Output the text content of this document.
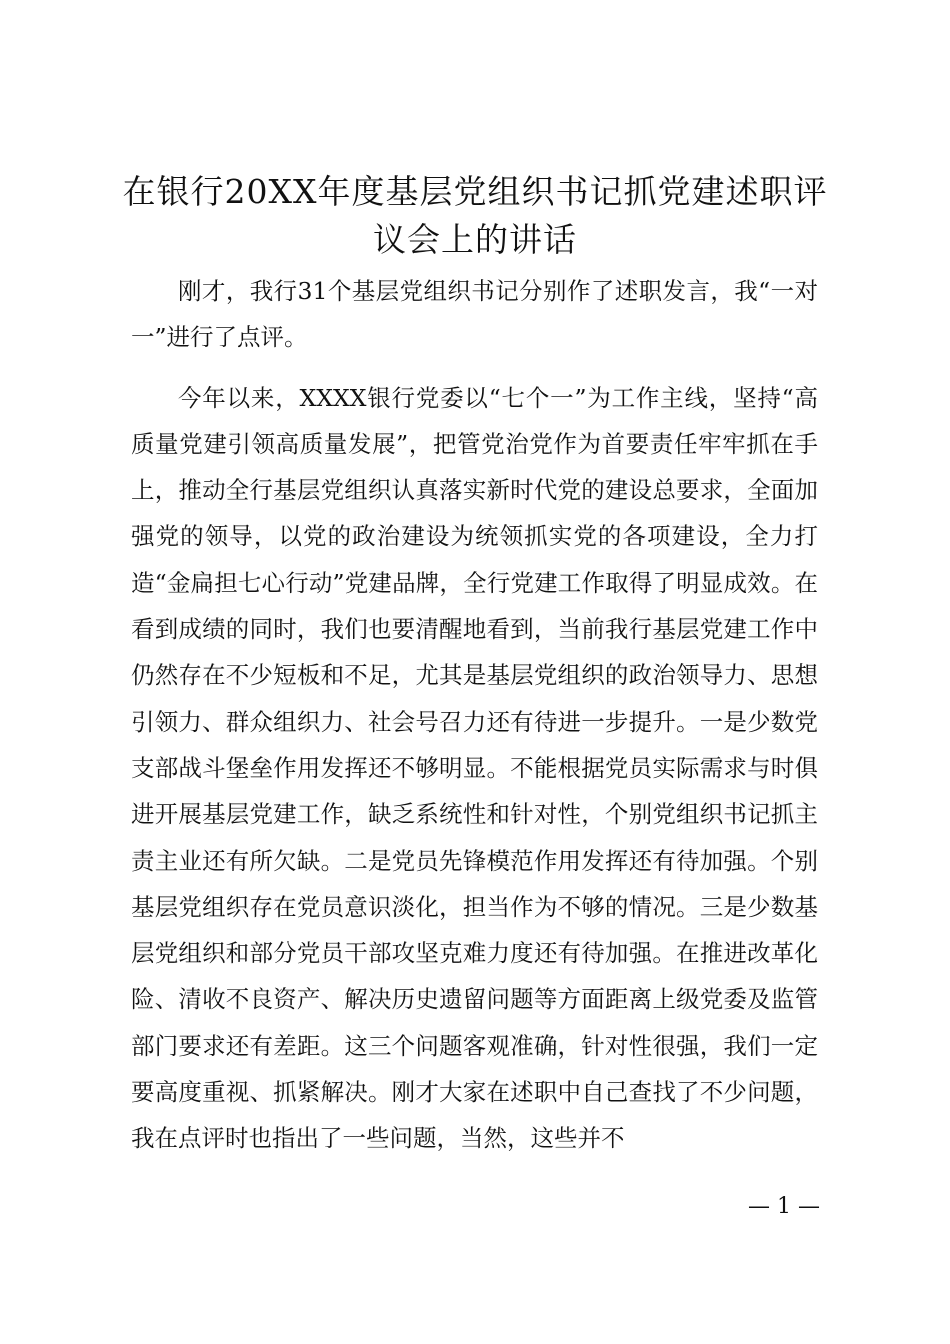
在银行20XX年度基层党组织书记抓党建述职评议会上的讲话

刚才，我行31个基层党组织书记分别作了述职发言，我“一对一”进行了点评。

今年以来，XXXX银行党委以“七个一”为工作主线，坚持“高质量党建引领高质量发展”，把管党治党作为首要责任牢牢抓在手上，推动全行基层党组织认真落实新时代党的建设总要求，全面加强党的领导，以党的政治建设为统领抓实党的各项建设，全力打造“金扁担七心行动”党建品牌，全行党建工作取得了明显成效。在看到成绩的同时，我们也要清醒地看到，当前我行基层党建工作中仍然存在不少短板和不足，尤其是基层党组织的政治领导力、思想引领力、群众组织力、社会号召力还有待进一步提升。一是少数党支部战斗堡垒作用发挥还不够明显。不能根据党员实际需求与时俱进开展基层党建工作，缺乏系统性和针对性，个别党组织书记抓主责主业还有所欠缺。二是党员先锋模范作用发挥还有待加强。个别基层党组织存在党员意识淡化，担当作为不够的情况。三是少数基层党组织和部分党员干部攻坚克难力度还有待加强。在推进改革化险、清收不良资产、解决历史遗留问题等方面距离上级党委及监管部门要求还有差距。这三个问题客观准确，针对性很强，我们一定要高度重视、抓紧解决。刚才大家在述职中自己查找了不少问题，我在点评时也指出了一些问题，当然，这些并不

— 1 —
